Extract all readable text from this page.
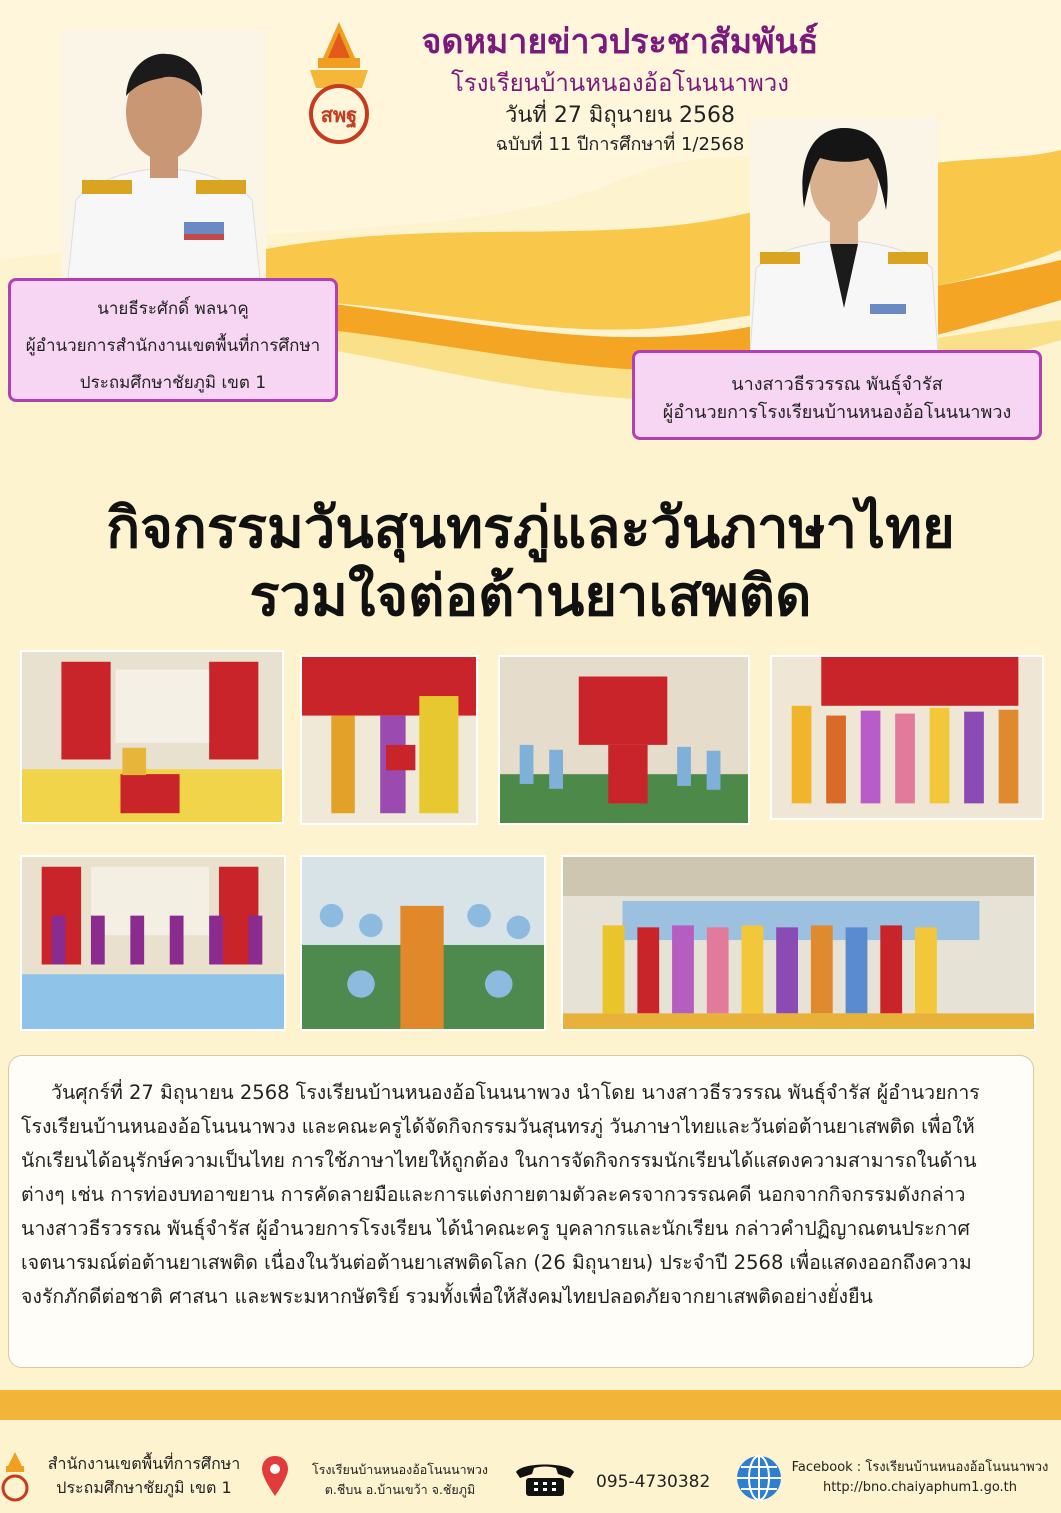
สพฐ
จดหมายข่าวประชาสัมพันธ์
โรงเรียนบ้านหนองอ้อโนนนาพวง
วันที่ 27 มิถุนายน 2568
ฉบับที่ 11 ปีการศึกษาที่ 1/2568
นายธีระศักดิ์ พลนาคู
ผู้อำนวยการสำนักงานเขตพื้นที่การศึกษา
ประถมศึกษาชัยภูมิ เขต 1	นางสาวธีรวรรณ พันธุ์จำรัส
ผู้อำนวยการโรงเรียนบ้านหนองอ้อโนนนาพวง
กิจกรรมวันสุนทรภู่และวันภาษาไทย
รวมใจต่อต้านยาเสพติด

วันศุกร์ที่ 27 มิถุนายน 2568 โรงเรียนบ้านหนองอ้อโนนนาพวง นำโดย นางสาวธีรวรรณ พันธุ์จำรัส ผู้อำนวยการโรงเรียนบ้านหนองอ้อโนนนาพวง และคณะครูได้จัดกิจกรรมวันสุนทรภู่ วันภาษาไทยและวันต่อต้านยาเสพติด เพื่อให้นักเรียนได้อนุรักษ์ความเป็นไทย การใช้ภาษาไทยให้ถูกต้อง ในการจัดกิจกรรมนักเรียนได้แสดงความสามารถในด้านต่างๆ เช่น การท่องบทอาขยาน การคัดลายมือและการแต่งกายตามตัวละครจากวรรณคดี นอกจากกิจกรรมดังกล่าว นางสาวธีรวรรณ พันธุ์จำรัส ผู้อำนวยการโรงเรียน ได้นำคณะครู บุคลากรและนักเรียน กล่าวคำปฏิญาณตนประกาศเจตนารมณ์ต่อต้านยาเสพติด เนื่องในวันต่อต้านยาเสพติดโลก (26 มิถุนายน) ประจำปี 2568 เพื่อแสดงออกถึงความจงรักภักดีต่อชาติ ศาสนา และพระมหากษัตริย์ รวมทั้งเพื่อให้สังคมไทยปลอดภัยจากยาเสพติดอย่างยั่งยืน

สำนักงานเขตพื้นที่การศึกษา
ประถมศึกษาชัยภูมิ เขต 1
โรงเรียนบ้านหนองอ้อโนนนาพวง
ต.ชีบน อ.บ้านเขว้า จ.ชัยภูมิ	095-4730382
Facebook : โรงเรียนบ้านหนองอ้อโนนนาพวง
http://bno.chaiyaphum1.go.th
